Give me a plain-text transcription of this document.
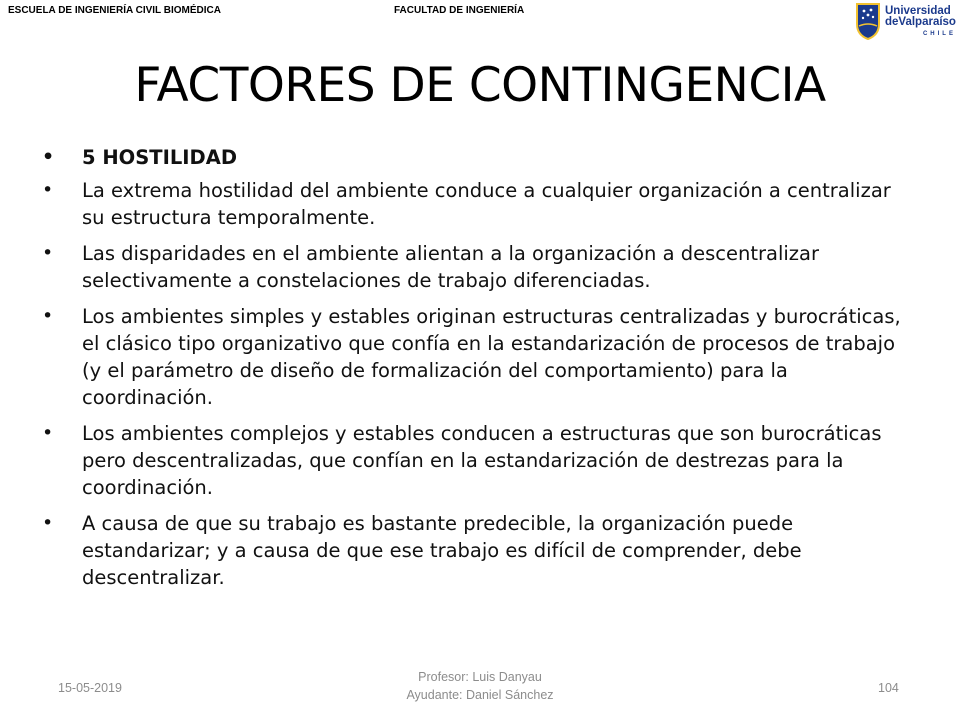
ESCUELA DE INGENIERÍA CIVIL BIOMÉDICA	FACULTAD DE INGENIERÍA	Universidad
deValparaíso
CHILE
FACTORES DE CONTINGENCIA
• 5 HOSTILIDAD
• La extrema hostilidad del ambiente conduce a cualquier organización a centralizar su estructura temporalmente.
• Las disparidades en el ambiente alientan a la organización a descentralizar selectivamente a constelaciones de trabajo diferenciadas.
• Los ambientes simples y estables originan estructuras centralizadas y burocráticas, el clásico tipo organizativo que confía en la estandarización de procesos de trabajo (y el parámetro de diseño de formalización del comportamiento) para la coordinación.
• Los ambientes complejos y estables conducen a estructuras que son burocráticas pero descentralizadas, que confían en la estandarización de destrezas para la coordinación.
• A causa de que su trabajo es bastante predecible, la organización puede estandarizar; y a causa de que ese trabajo es difícil de comprender, debe descentralizar.
15-05-2019
Profesor: Luis Danyau
Ayudante: Daniel Sánchez	104
